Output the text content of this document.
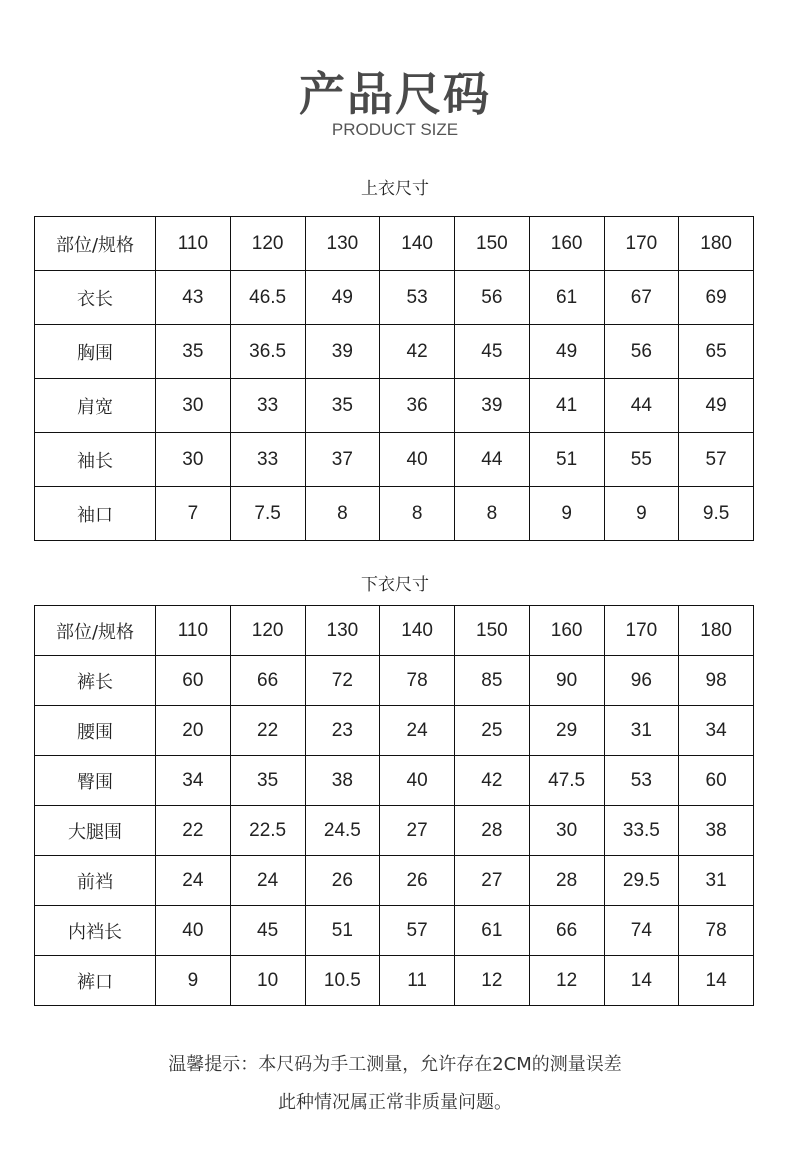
产品尺码
PRODUCT SIZE
上衣尺寸
部位/规格	110	120	130	140	150	160	170	180
衣长	43	46.5	49	53	56	61	67	69
胸围	35	36.5	39	42	45	49	56	65
肩宽	30	33	35	36	39	41	44	49
袖长	30	33	37	40	44	51	55	57
袖口	7	7.5	8	8	8	9	9	9.5
下衣尺寸
部位/规格	110	120	130	140	150	160	170	180
裤长	60	66	72	78	85	90	96	98
腰围	20	22	23	24	25	29	31	34
臀围	34	35	38	40	42	47.5	53	60
大腿围	22	22.5	24.5	27	28	30	33.5	38
前裆	24	24	26	26	27	28	29.5	31
内裆长	40	45	51	57	61	66	74	78
裤口	9	10	10.5	11	12	12	14	14
温馨提示：本尺码为手工测量，允许存在2CM的测量误差
此种情况属正常非质量问题。
